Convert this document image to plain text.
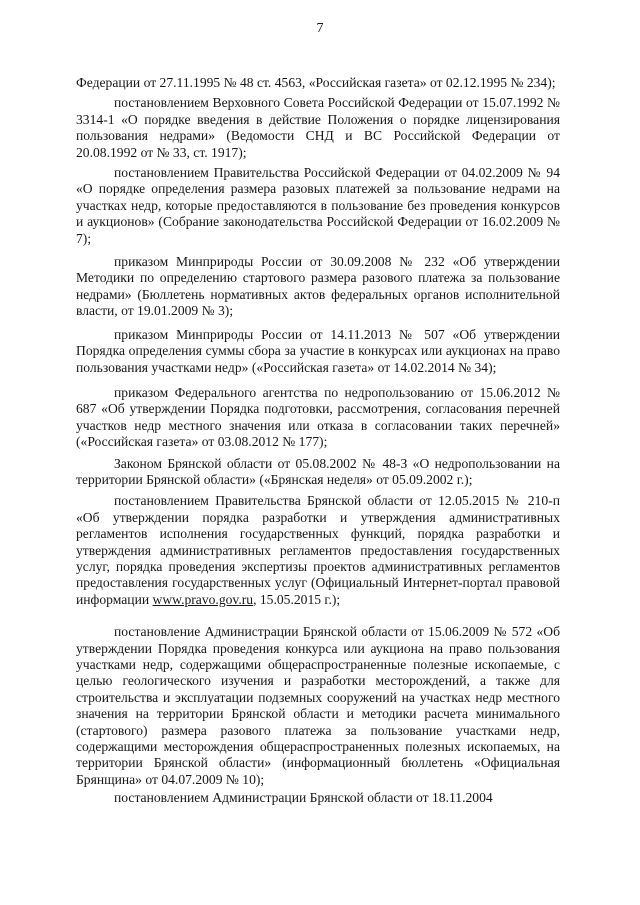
7

Федерации от 27.11.1995 № 48 ст. 4563, «Российская газета» от 02.12.1995 № 234);

постановлением Верховного Совета Российской Федерации от 15.07.1992 № 3314-1 «О порядке введения в действие Положения о порядке лицензирования пользования недрами» (Ведомости СНД и ВС Российской Федерации от 20.08.1992 от № 33, ст. 1917);

постановлением Правительства Российской Федерации от 04.02.2009 № 94 «О порядке определения размера разовых платежей за пользование недрами на участках недр, которые предоставляются в пользование без проведения конкурсов и аукционов» (Собрание законодательства Российской Федерации от 16.02.2009 № 7);

приказом Минприроды России от 30.09.2008 № 232 «Об утверждении Методики по определению стартового размера разового платежа за пользование недрами» (Бюллетень нормативных актов федеральных органов исполнительной власти, от 19.01.2009 № 3);

приказом Минприроды России от 14.11.2013 № 507 «Об утверждении Порядка определения суммы сбора за участие в конкурсах или аукционах на право пользования участками недр» («Российская газета» от 14.02.2014 № 34);

приказом Федерального агентства по недропользованию от 15.06.2012 № 687 «Об утверждении Порядка подготовки, рассмотрения, согласования перечней участков недр местного значения или отказа в согласовании таких перечней» («Российская газета» от 03.08.2012 № 177);

Законом Брянской области от 05.08.2002 № 48-З «О недропользовании на территории Брянской области» («Брянская неделя» от 05.09.2002 г.);

постановлением Правительства Брянской области от 12.05.2015 № 210-п «Об утверждении порядка разработки и утверждения административных регламентов исполнения государственных функций, порядка разработки и утверждения административных регламентов предоставления государственных услуг, порядка проведения экспертизы проектов административных регламентов предоставления государственных услуг (Официальный Интернет-портал правовой информации www.pravo.gov.ru, 15.05.2015 г.);

постановление Администрации Брянской области от 15.06.2009 № 572 «Об утверждении Порядка проведения конкурса или аукциона на право пользования участками недр, содержащими общераспространенные полезные ископаемые, с целью геологического изучения и разработки месторождений, а также для строительства и эксплуатации подземных сооружений на участках недр местного значения на территории Брянской области и методики расчета минимального (стартового) размера разового платежа за пользование участками недр, содержащими месторождения общераспространенных полезных ископаемых, на территории Брянской области» (информационный бюллетень «Официальная Брянщина» от 04.07.2009 № 10);

постановлением Администрации Брянской области от 18.11.2004
